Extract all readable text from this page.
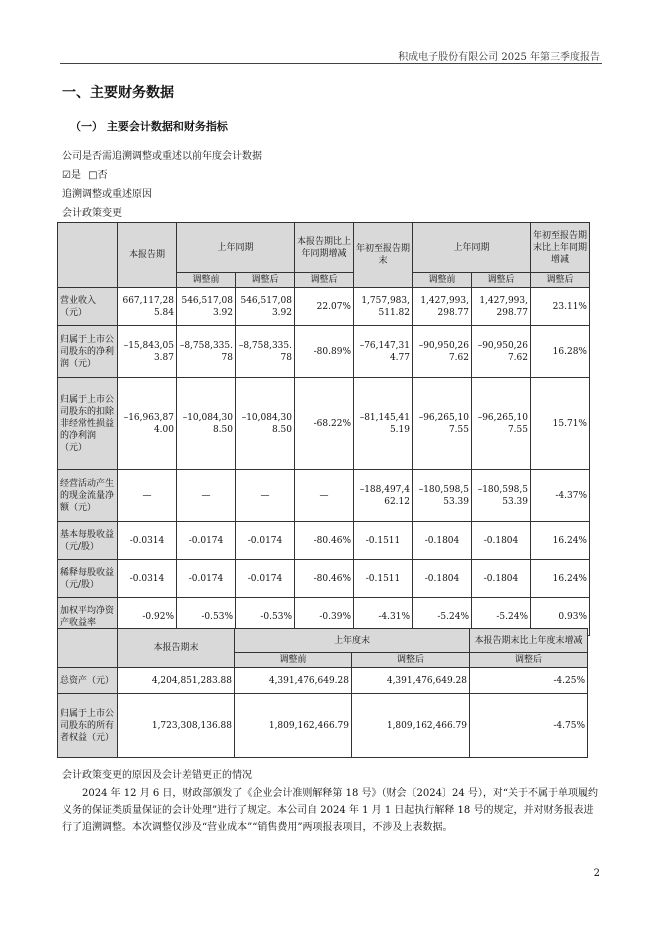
积成电子股份有限公司 2025 年第三季度报告
一、主要财务数据
（一） 主要会计数据和财务指标
公司是否需追溯调整或重述以前年度会计数据
☑是 □否
追溯调整或重述原因
会计政策变更
	本报告期	上年同期		本报告期比上年同期增减	年初至报告期末	上年同期		年初至报告期末比上年同期增减
		调整前	调整后	调整后		调整前	调整后	调整后
营业收入（元）	667,117,285.84	546,517,083.92	546,517,083.92	22.07%	1,757,983,511.82	1,427,993,298.77	1,427,993,298.77	23.11%
归属于上市公司股东的净利润（元）	–15,843,053.87	–8,758,335.78	–8,758,335.78	-80.89%	–76,147,314.77	–90,950,267.62	–90,950,267.62	16.28%
归属于上市公司股东的扣除非经常性损益的净利润（元）	–16,963,874.00	–10,084,308.50	–10,084,308.50	-68.22%	–81,145,415.19	–96,265,107.55	–96,265,107.55	15.71%
经营活动产生的现金流量净额（元）	—	—	—	—	–188,497,462.12	–180,598,553.39	–180,598,553.39	-4.37%
基本每股收益（元/股）	-0.0314	-0.0174	-0.0174	-80.46%	-0.1511	-0.1804	-0.1804	16.24%
稀释每股收益（元/股）	-0.0314	-0.0174	-0.0174	-80.46%	-0.1511	-0.1804	-0.1804	16.24%
加权平均净资产收益率	-0.92%	-0.53%	-0.53%	-0.39%	-4.31%	-5.24%	-5.24%	0.93%
	本报告期末	上年度末		本报告期末比上年度末增减
		调整前	调整后	调整后
总资产（元）	4,204,851,283.88	4,391,476,649.28	4,391,476,649.28	-4.25%
归属于上市公司股东的所有者权益（元）	1,723,308,136.88	1,809,162,466.79	1,809,162,466.79	-4.75%
会计政策变更的原因及会计差错更正的情况
2024 年 12 月 6 日，财政部颁发了《企业会计准则解释第 18 号》（财会〔2024〕24 号），对“关于不属于单项履约义务的保证类质量保证的会计处理”进行了规定。本公司自 2024 年 1 月 1 日起执行解释 18 号的规定，并对财务报表进行了追溯调整。本次调整仅涉及“营业成本”“销售费用”两项报表项目，不涉及上表数据。
2
